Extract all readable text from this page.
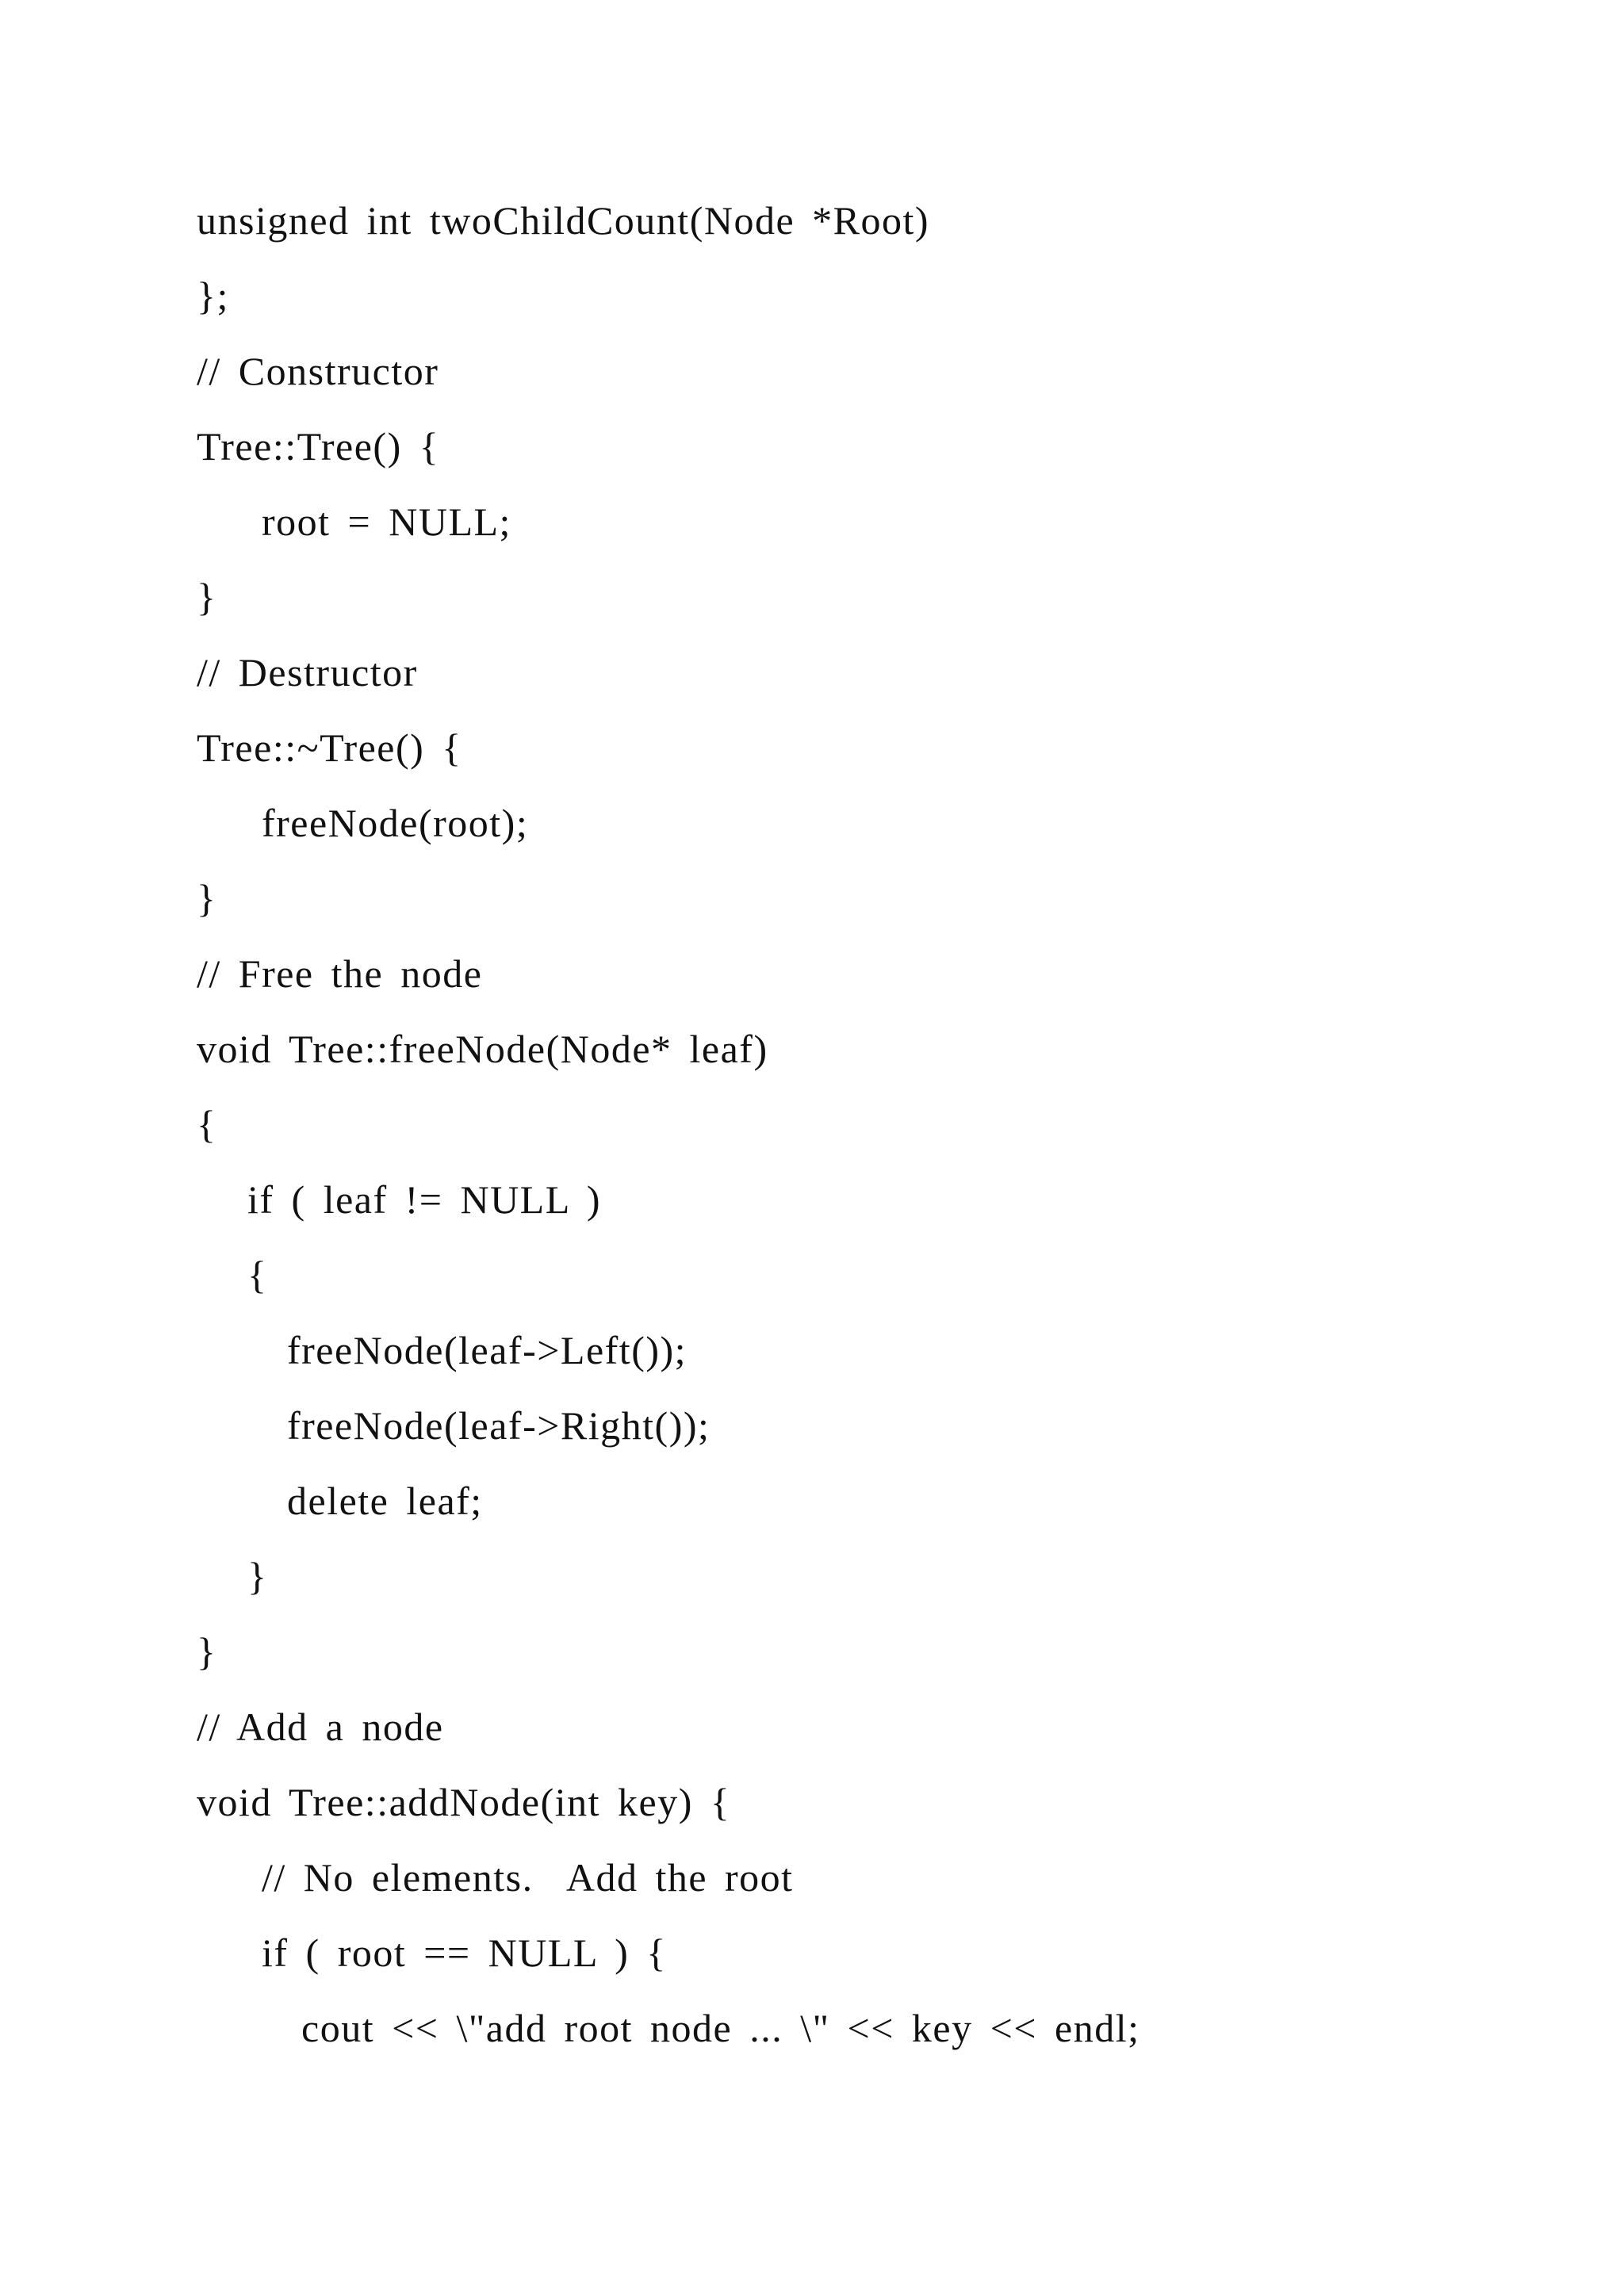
unsigned int twoChildCount(Node *Root)
};
// Constructor
Tree::Tree() {
root = NULL;
}
// Destructor
Tree::~Tree() {
freeNode(root);
}
// Free the node
void Tree::freeNode(Node* leaf)
{
if ( leaf != NULL )
{
freeNode(leaf->Left());
freeNode(leaf->Right());
delete leaf;
}
}
// Add a node
void Tree::addNode(int key) {
// No elements.  Add the root
if ( root == NULL ) {
cout << \"add root node ... \" << key << endl;
